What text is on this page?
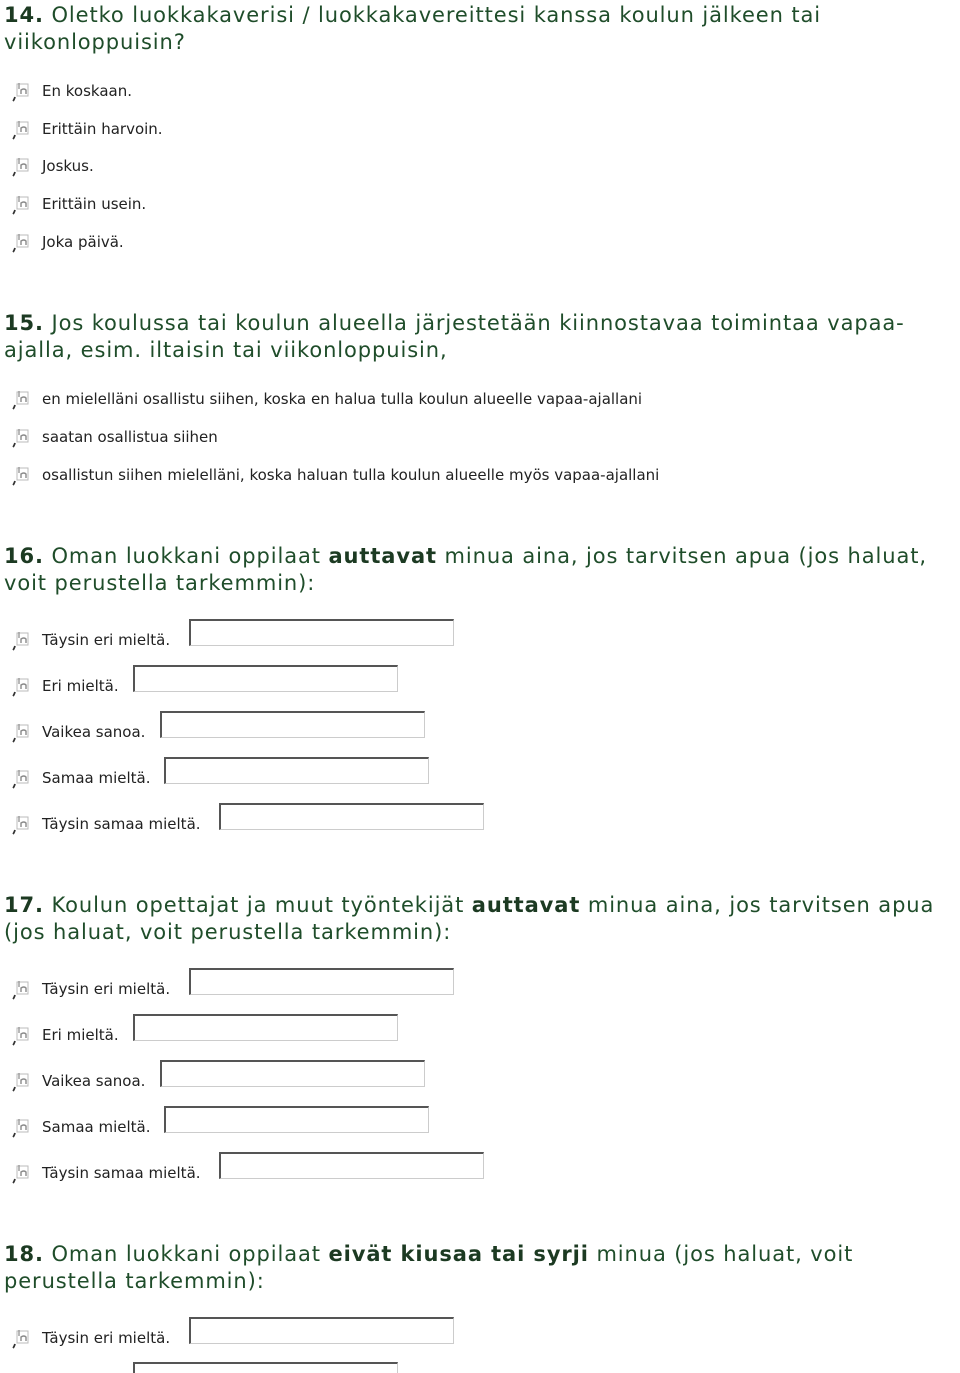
14. Oletko luokkakaverisi / luokkakavereittesi kanssa koulun jälkeen tai viikonloppuisin?
En koskaan.
Erittäin harvoin.
Joskus.
Erittäin usein.
Joka päivä.
15. Jos koulussa tai koulun alueella järjestetään kiinnostavaa toimintaa vapaa-ajalla, esim. iltaisin tai viikonloppuisin,
en mielelläni osallistu siihen, koska en halua tulla koulun alueelle vapaa-ajallani
saatan osallistua siihen
osallistun siihen mielelläni, koska haluan tulla koulun alueelle myös vapaa-ajallani
16. Oman luokkani oppilaat auttavat minua aina, jos tarvitsen apua (jos haluat, voit perustella tarkemmin):
Täysin eri mieltä.
Eri mieltä.
Vaikea sanoa.
Samaa mieltä.
Täysin samaa mieltä.
17. Koulun opettajat ja muut työntekijät auttavat minua aina, jos tarvitsen apua (jos haluat, voit perustella tarkemmin):
Täysin eri mieltä.
Eri mieltä.
Vaikea sanoa.
Samaa mieltä.
Täysin samaa mieltä.
18. Oman luokkani oppilaat eivät kiusaa tai syrji minua (jos haluat, voit perustella tarkemmin):
Täysin eri mieltä.
